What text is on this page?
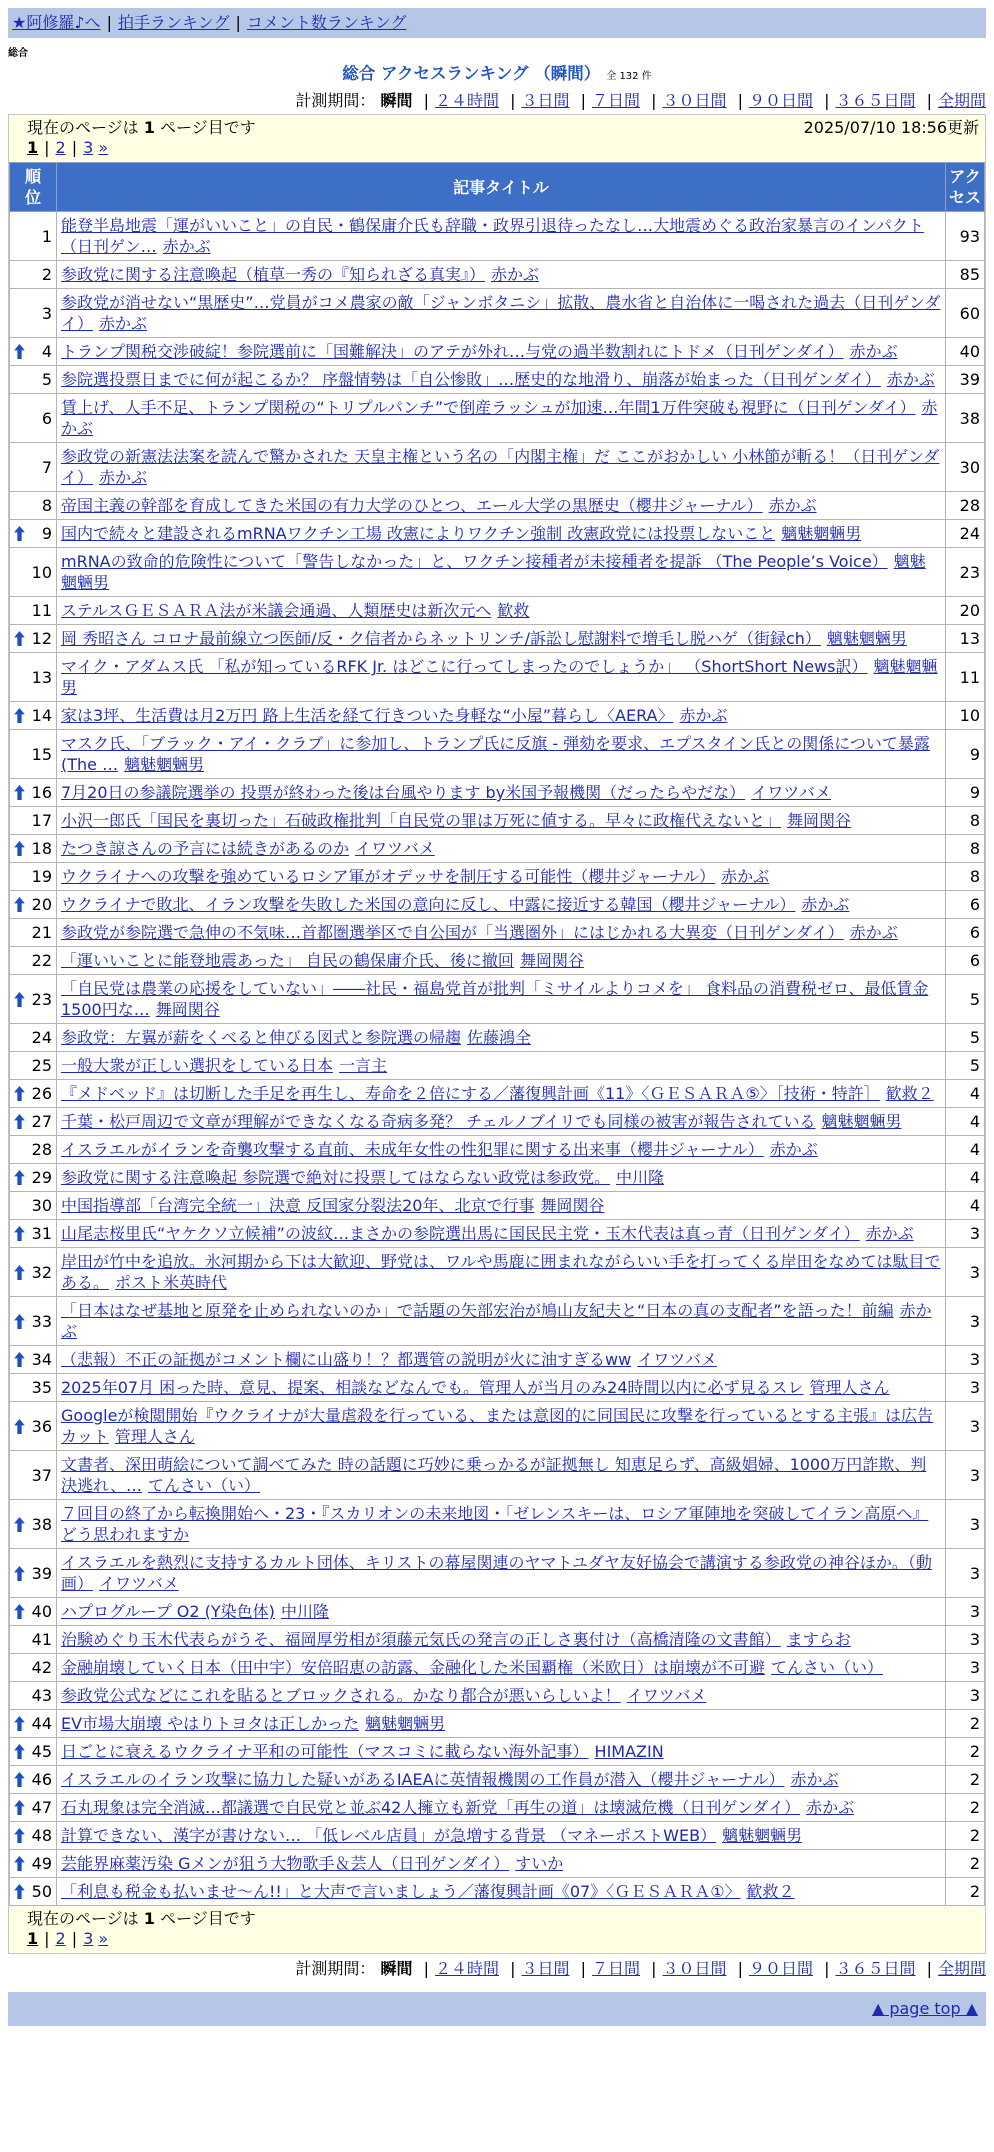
★阿修羅♪へ | 拍手ランキング | コメント数ランキング
総合
総合 アクセスランキング （瞬間） 全 132 件
計測期間： 瞬間 | ２４時間 | ３日間 | ７日間 | ３０日間 | ９０日間 | ３６５日間 | 全期間
現在のページは 1 ページ目です	2025/07/10 18:56更新
1 | 2 | 3 »
順位	記事タイトル	アクセス

1	能登半島地震「運がいいこと」の自民・鶴保庸介氏も辞職・政界引退待ったなし…大地震めぐる政治家暴言のインパクト（日刊ゲン… 赤かぶ	93

2	参政党に関する注意喚起（植草一秀の『知られざる真実』） 赤かぶ	85

3	参政党が消せない“黒歴史”…党員がコメ農家の敵「ジャンボタニシ」拡散、農水省と自治体に一喝された過去（日刊ゲンダイ） 赤かぶ	60

4	トランプ関税交渉破綻！参院選前に「国難解決」のアテが外れ…与党の過半数割れにトドメ（日刊ゲンダイ） 赤かぶ	40

5	参院選投票日までに何が起こるか？ 序盤情勢は「自公惨敗」…歴史的な地滑り、崩落が始まった（日刊ゲンダイ） 赤かぶ	39

6	賃上げ、人手不足、トランプ関税の“トリプルパンチ”で倒産ラッシュが加速…年間1万件突破も視野に（日刊ゲンダイ） 赤かぶ	38

7	参政党の新憲法法案を読んで驚かされた 天皇主権という名の「内閣主権」だ ここがおかしい 小林節が斬る！（日刊ゲンダイ） 赤かぶ	30

8	帝国主義の幹部を育成してきた米国の有力大学のひとつ、エール大学の黒歴史（櫻井ジャーナル） 赤かぶ	28

9	国内で続々と建設されるmRNAワクチン工場 改憲によりワクチン強制 改憲政党には投票しないこと 魑魅魍魎男	24

10	mRNAの致命的危険性について「警告しなかった」と、ワクチン接種者が未接種者を提訴 （The People’s Voice） 魑魅魍魎男	23

11	ステルスＧＥＳＡＲＡ法が米議会通過、人類歴史は新次元へ 歓救	20

12	岡 秀昭さん コロナ最前線立つ医師/反・ク信者からネットリンチ/訴訟し慰謝料で増毛し脱ハゲ（街録ch） 魑魅魍魎男	13

13	マイク・アダムス氏 「私が知っているRFK Jr. はどこに行ってしまったのでしょうか」 （ShortShort News訳） 魑魅魍魎男	11

14	家は3坪、生活費は月2万円 路上生活を経て行きついた身軽な“小屋”暮らし〈AERA〉 赤かぶ	10

15	マスク氏、「ブラック・アイ・クラブ」に参加し、トランプ氏に反旗 - 弾劾を要求、エプスタイン氏との関係について暴露 (The … 魑魅魍魎男	9

16	7月20日の参議院選挙の 投票が終わった後は台風やります by米国予報機関（だったらやだな） イワツバメ	9

17	小沢一郎氏「国民を裏切った」石破政権批判「自民党の罪は万死に値する。早々に政権代えないと」 舞岡関谷	8

18	たつき諒さんの予言には続きがあるのか イワツバメ	8

19	ウクライナへの攻撃を強めているロシア軍がオデッサを制圧する可能性（櫻井ジャーナル） 赤かぶ	8

20	ウクライナで敗北、イラン攻撃を失敗した米国の意向に反し、中露に接近する韓国（櫻井ジャーナル） 赤かぶ	6

21	参政党が参院選で急伸の不気味…首都圏選挙区で自公国が「当選圏外」にはじかれる大異変（日刊ゲンダイ） 赤かぶ	6

22	「運いいことに能登地震あった」 自民の鶴保庸介氏、後に撤回 舞岡関谷	6

23	「自民党は農業の応援をしていない」――社民・福島党首が批判「ミサイルよりコメを」 食料品の消費税ゼロ、最低賃金1500円な… 舞岡関谷	5

24	参政党：左翼が薪をくべると伸びる図式と参院選の帰趨 佐藤鴻全	5

25	一般大衆が正しい選択をしている日本 一言主	5

26	『メドベッド』は切断した手足を再生し、寿命を２倍にする／藩復興計画《11》〈ＧＥＳＡＲＡ⑤〉［技術・特許］ 歓救２	4

27	千葉・松戸周辺で文章が理解ができなくなる奇病多発？ チェルノブイリでも同様の被害が報告されている 魑魅魍魎男	4

28	イスラエルがイランを奇襲攻撃する直前、未成年女性の性犯罪に関する出来事（櫻井ジャーナル） 赤かぶ	4

29	参政党に関する注意喚起 参院選で絶対に投票してはならない政党は参政党。 中川隆	4

30	中国指導部「台湾完全統一」決意 反国家分裂法20年、北京で行事 舞岡関谷	4

31	山尾志桜里氏“ヤケクソ立候補”の波紋…まさかの参院選出馬に国民民主党・玉木代表は真っ青（日刊ゲンダイ） 赤かぶ	3

32	岸田が竹中を追放。氷河期から下は大歓迎、野党は、ワルや馬鹿に囲まれながらいい手を打ってくる岸田をなめては駄目である。 ポスト米英時代	3

33	「日本はなぜ基地と原発を止められないのか」で話題の矢部宏治が鳩山友紀夫と“日本の真の支配者”を語った！前編 赤かぶ	3

34	（悲報）不正の証拠がコメント欄に山盛り！？都選管の説明が火に油すぎるww イワツバメ	3

35	2025年07月 困った時、意見、提案、相談などなんでも。管理人が当月のみ24時間以内に必ず見るスレ 管理人さん	3

36	Googleが検閲開始『ウクライナが大量虐殺を行っている、または意図的に同国民に攻撃を行っているとする主張』は広告カット 管理人さん	3

37	文書者、深田萌絵について調べてみた 時の話題に巧妙に乗っかるが証拠無し 知恵足らず、高級娼婦、1000万円詐欺、判決逃れ、… てんさい（い）	3

38	７回目の終了から転換開始へ・23・『スカリオンの未来地図・「ゼレンスキーは、ロシア軍陣地を突破してイラン高原へ』どう思われますか	3

39	イスラエルを熱烈に支持するカルト団体、キリストの幕屋関連のヤマトユダヤ友好協会で講演する参政党の神谷ほか。（動画） イワツバメ	3

40	ハプログループ O2 (Y染色体) 中川隆	3

41	治験めぐり玉木代表らがうそ、福岡厚労相が須藤元気氏の発言の正しさ裏付け（高橋清隆の文書館） ますらお	3

42	金融崩壊していく日本（田中宇）安倍昭恵の訪露、金融化した米国覇権（米欧日）は崩壊が不可避 てんさい（い）	3

43	参政党公式などにこれを貼るとブロックされる。かなり都合が悪いらしいよ！ イワツバメ	3

44	EV市場大崩壊 やはりトヨタは正しかった 魑魅魍魎男	2

45	日ごとに衰えるウクライナ平和の可能性（マスコミに載らない海外記事） HIMAZIN	2

46	イスラエルのイラン攻撃に協力した疑いがあるIAEAに英情報機関の工作員が潜入（櫻井ジャーナル） 赤かぶ	2

47	石丸現象は完全消滅…都議選で自民党と並ぶ42人擁立も新党「再生の道」は壊滅危機（日刊ゲンダイ） 赤かぶ	2

48	計算できない、漢字が書けない… 「低レベル店員」が急増する背景 （マネーポストWEB） 魑魅魍魎男	2

49	芸能界麻薬汚染 Gメンが狙う大物歌手＆芸人（日刊ゲンダイ） すいか	2

50	「利息も税金も払いませ〜ん!!」と大声で言いましょう／藩復興計画《07》〈ＧＥＳＡＲＡ①〉 歓救２	2
現在のページは 1 ページ目です
1 | 2 | 3 »
計測期間： 瞬間 | ２４時間 | ３日間 | ７日間 | ３０日間 | ９０日間 | ３６５日間 | 全期間
▲ page top ▲
